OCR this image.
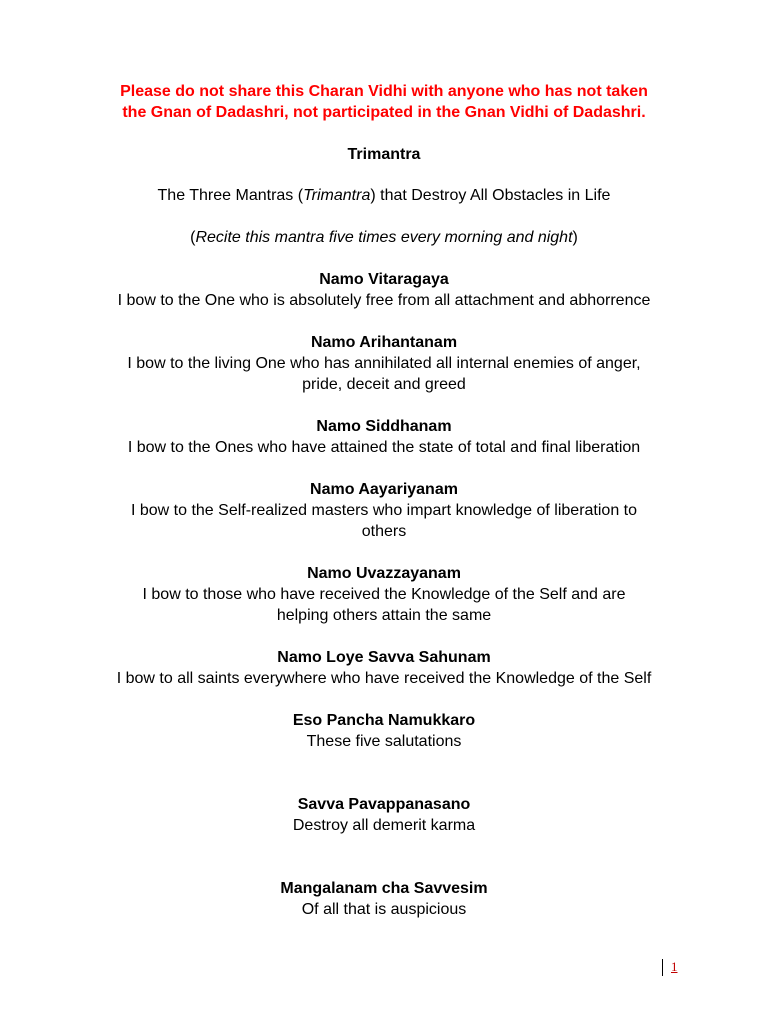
Please do not share this Charan Vidhi with anyone who has not taken
the Gnan of Dadashri, not participated in the Gnan Vidhi of Dadashri.
Trimantra
The Three Mantras (Trimantra) that Destroy All Obstacles in Life
(Recite this mantra five times every morning and night)
Namo Vitaragaya
I bow to the One who is absolutely free from all attachment and abhorrence
Namo Arihantanam
I bow to the living One who has annihilated all internal enemies of anger,
pride, deceit and greed
Namo Siddhanam
I bow to the Ones who have attained the state of total and final liberation
Namo Aayariyanam
I bow to the Self-realized masters who impart knowledge of liberation to
others
Namo Uvazzayanam
I bow to those who have received the Knowledge of the Self and are
helping others attain the same
Namo Loye Savva Sahunam
I bow to all saints everywhere who have received the Knowledge of the Self
Eso Pancha Namukkaro
These five salutations
Savva Pavappanasano
Destroy all demerit karma
Mangalanam cha Savvesim
Of all that is auspicious
1
